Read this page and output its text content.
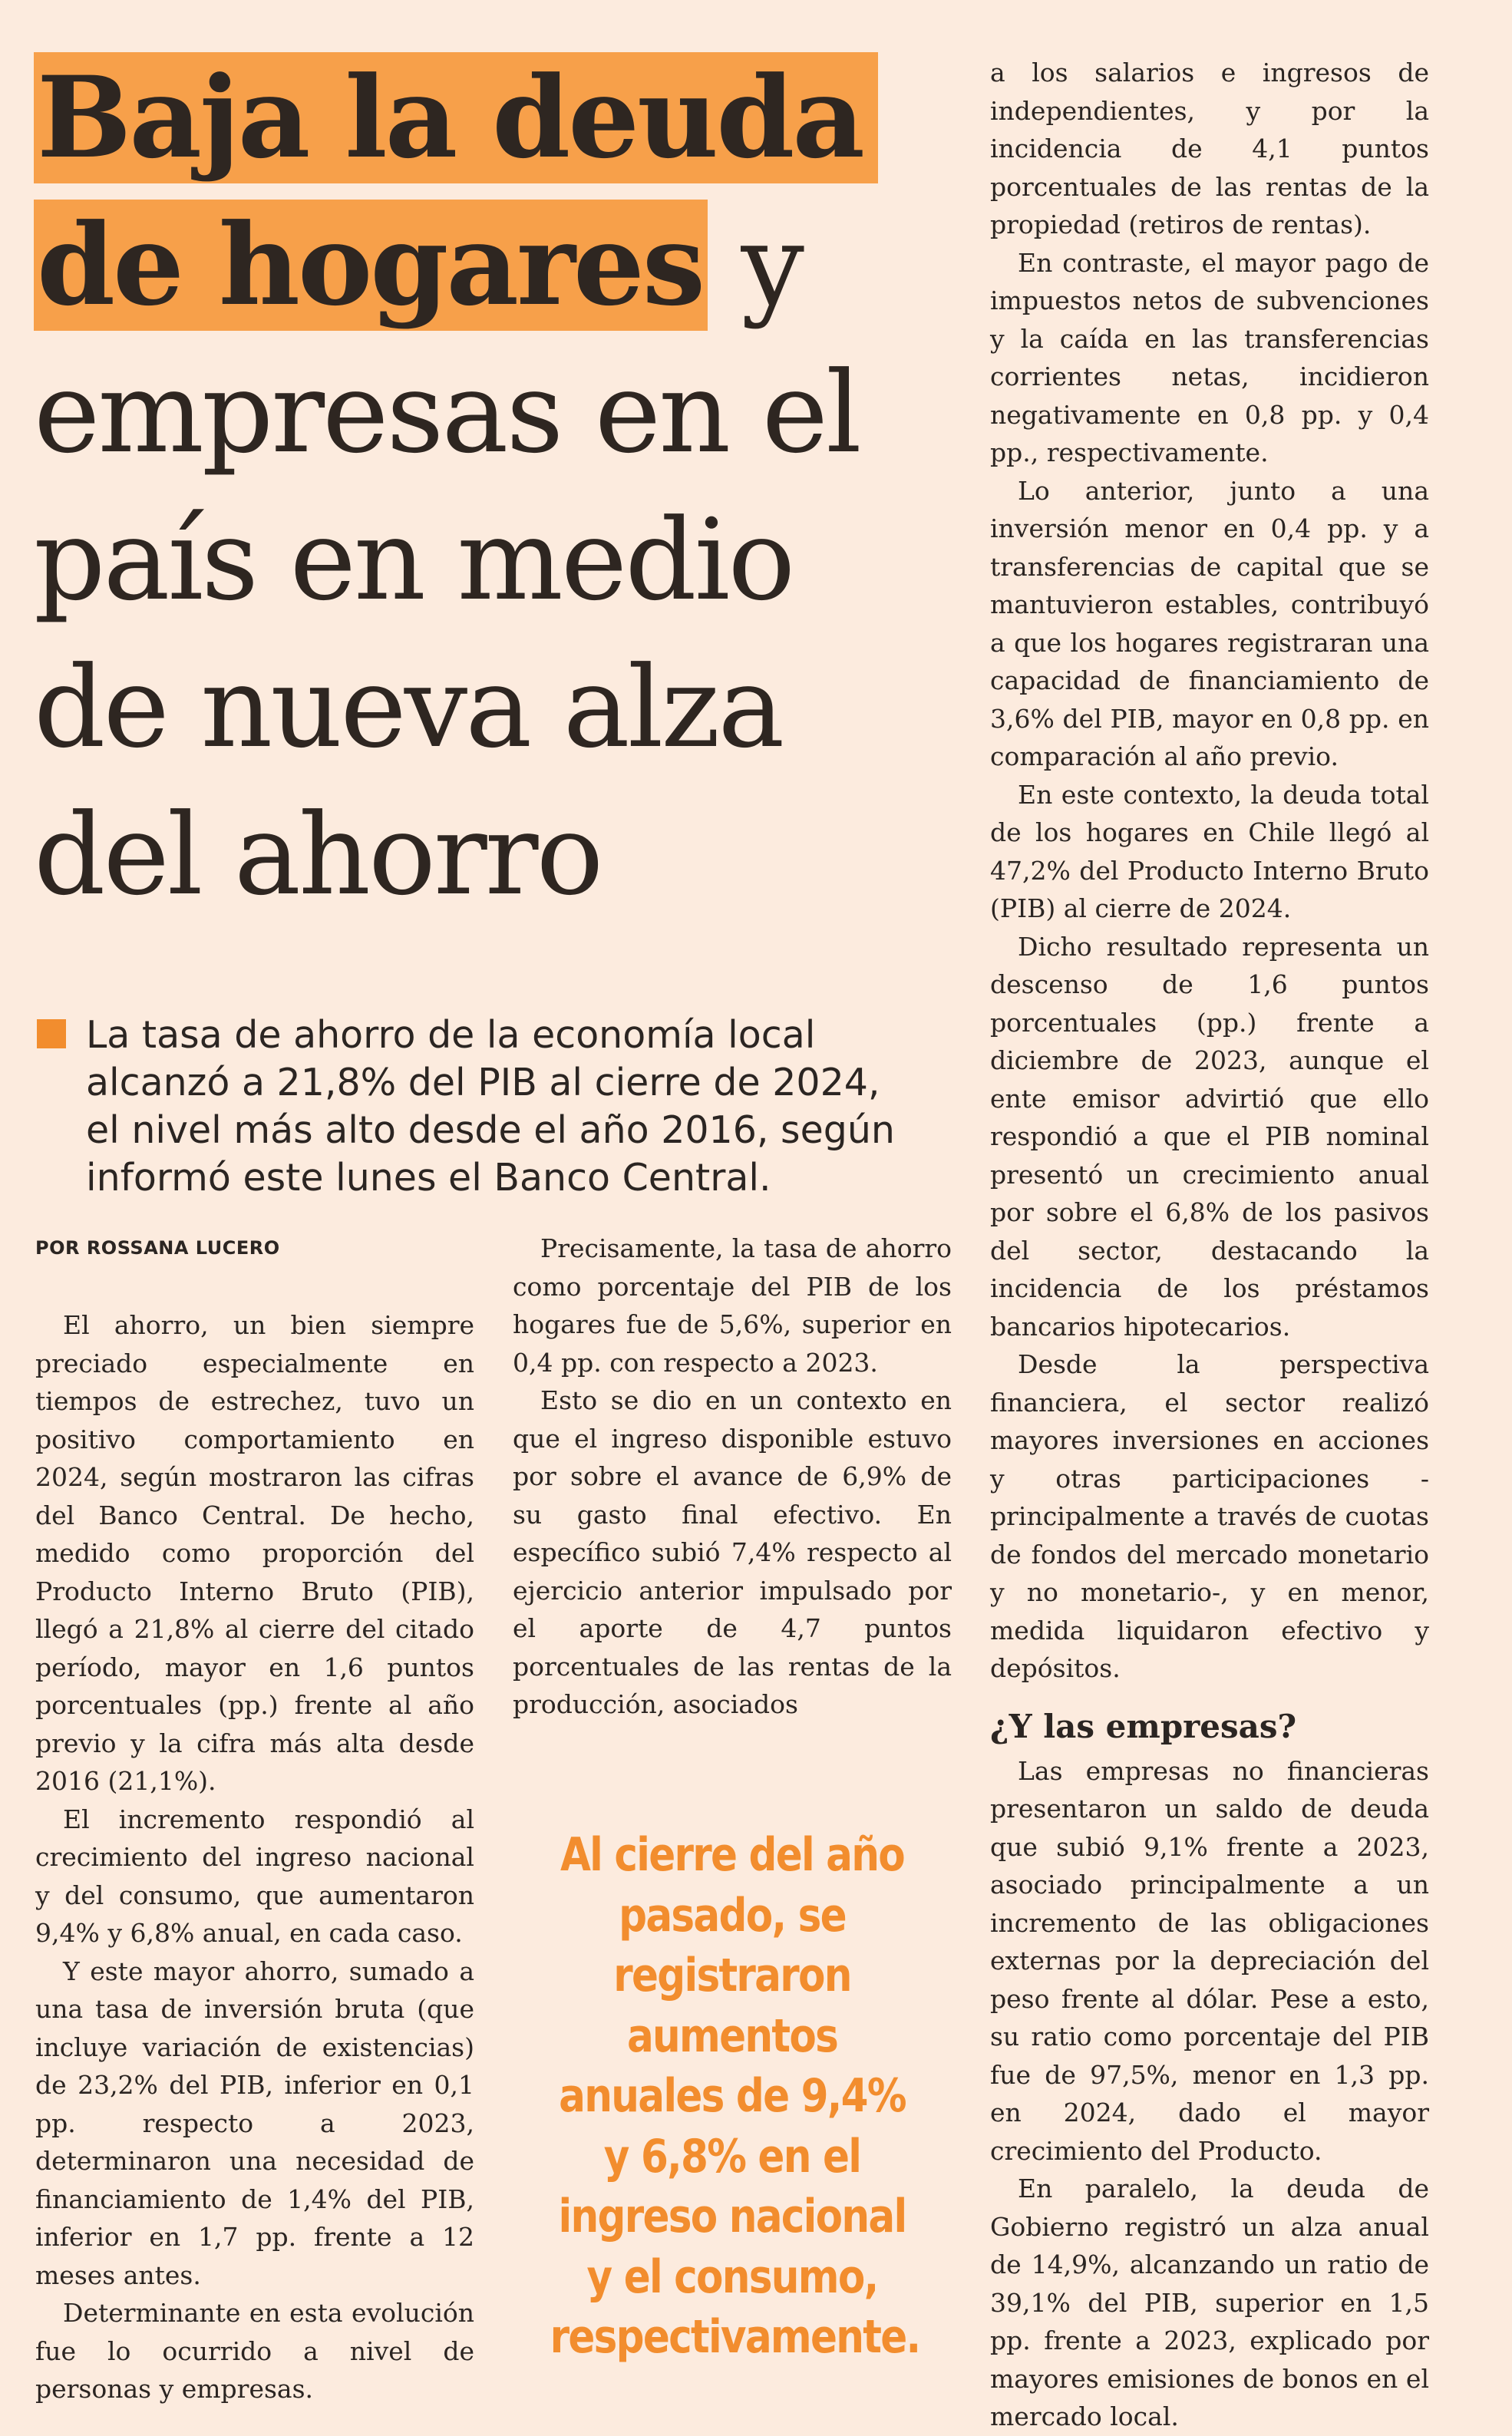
Baja la deuda
de hogares y
empresas en el
país en medio
de nueva alza
del ahorro
La tasa de ahorro de la economía local alcanzó a 21,8% del PIB al cierre de 2024, el nivel más alto desde el año 2016, según informó este lunes el Banco Central.
POR ROSSANA LUCERO

El ahorro, un bien siempre preciado especialmente en tiempos de estrechez, tuvo un positivo comportamiento en 2024, según mostraron las cifras del Banco Central. De hecho, medido como proporción del Producto Interno Bruto (PIB), llegó a 21,8% al cierre del citado período, mayor en 1,6 puntos porcentuales (pp.) frente al año previo y la cifra más alta desde 2016 (21,1%).

El incremento respondió al crecimiento del ingreso nacional y del consumo, que aumentaron 9,4% y 6,8% anual, en cada caso.

Y este mayor ahorro, sumado a una tasa de inversión bruta (que incluye variación de existencias) de 23,2% del PIB, inferior en 0,1 pp. respecto a 2023, determinaron una necesidad de financiamiento de 1,4% del PIB, inferior en 1,7 pp. frente a 12 meses antes.

Determinante en esta evolución fue lo ocurrido a nivel de personas y empresas.

Precisamente, la tasa de ahorro como porcentaje del PIB de los hogares fue de 5,6%, superior en 0,4 pp. con respecto a 2023.

Esto se dio en un contexto en que el ingreso disponible estuvo por sobre el avance de 6,9% de su gasto final efectivo. En específico subió 7,4% respecto al ejercicio anterior impulsado por el aporte de 4,7 puntos porcentuales de las rentas de la producción, asociados

Al cierre del año pasado, se registraron aumentos anuales de 9,4% y 6,8% en el ingreso nacional y el consumo, respectivamente.

a los salarios e ingresos de independientes, y por la incidencia de 4,1 puntos porcentuales de las rentas de la propiedad (retiros de rentas).

En contraste, el mayor pago de impuestos netos de subvenciones y la caída en las transferencias corrientes netas, incidieron negativamente en 0,8 pp. y 0,4 pp., respectivamente.

Lo anterior, junto a una inversión menor en 0,4 pp. y a transferencias de capital que se mantuvieron estables, contribuyó a que los hogares registraran una capacidad de financiamiento de 3,6% del PIB, mayor en 0,8 pp. en comparación al año previo.

En este contexto, la deuda total de los hogares en Chile llegó al 47,2% del Producto Interno Bruto (PIB) al cierre de 2024.

Dicho resultado representa un descenso de 1,6 puntos porcentuales (pp.) frente a diciembre de 2023, aunque el ente emisor advirtió que ello respondió a que el PIB nominal presentó un crecimiento anual por sobre el 6,8% de los pasivos del sector, destacando la incidencia de los préstamos bancarios hipotecarios.

Desde la perspectiva financiera, el sector realizó mayores inversiones en acciones y otras participaciones -principalmente a través de cuotas de fondos del mercado monetario y no monetario-, y en menor, medida liquidaron efectivo y depósitos.

¿Y las empresas?

Las empresas no financieras presentaron un saldo de deuda que subió 9,1% frente a 2023, asociado principalmente a un incremento de las obligaciones externas por la depreciación del peso frente al dólar. Pese a esto, su ratio como porcentaje del PIB fue de 97,5%, menor en 1,3 pp. en 2024, dado el mayor crecimiento del Producto.

En paralelo, la deuda de Gobierno registró un alza anual de 14,9%, alcanzando un ratio de 39,1% del PIB, superior en 1,5 pp. frente a 2023, explicado por mayores emisiones de bonos en el mercado local.
